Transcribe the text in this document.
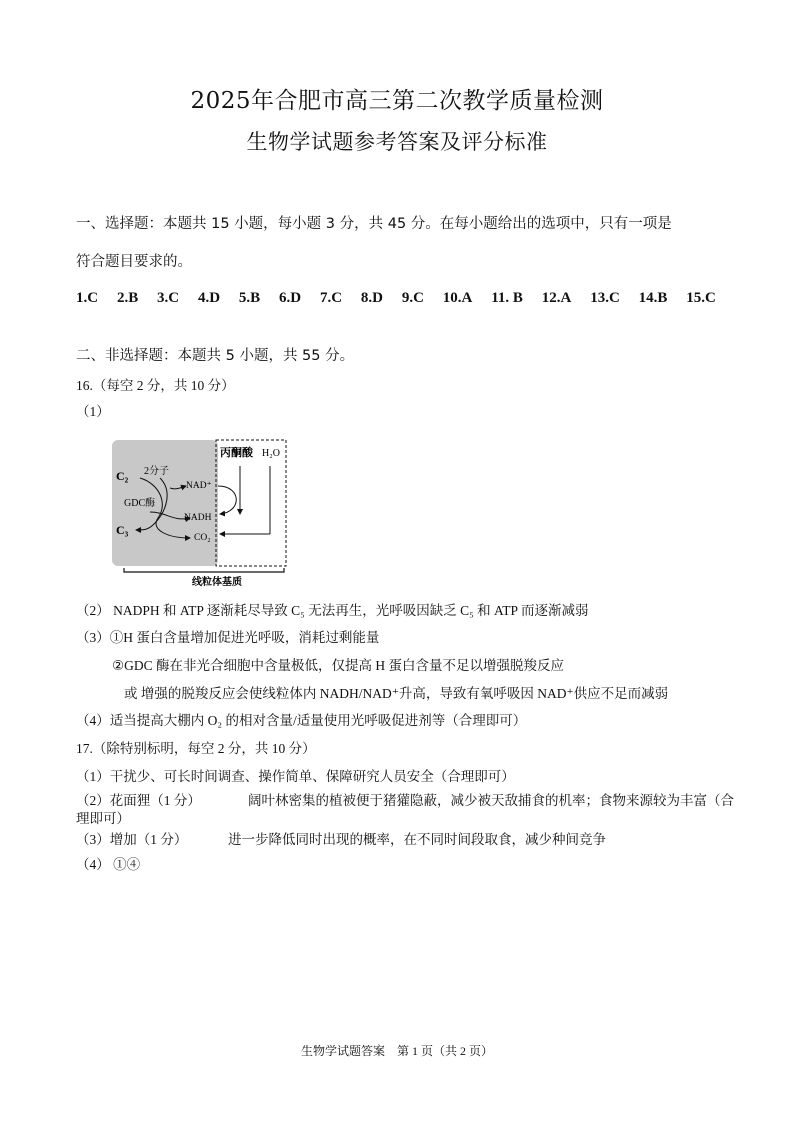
2025年合肥市高三第二次教学质量检测
生物学试题参考答案及评分标准
一、选择题：本题共 15 小题，每小题 3 分，共 45 分。在每小题给出的选项中，只有一项是
符合题目要求的。
1.C 2.B 3.C 4.D 5.B 6.D 7.C 8.D 9.C 10.A 11. B 12.A 13.C 14.B 15.C
二、非选择题：本题共 5 小题，共 55 分。
16.（每空 2 分，共 10 分）
（1）
C₂ 2分子
GDC酶
C₃
NAD⁺
NADH
CO₂
丙酮酸 H₂O
线粒体基质
（2） NADPH 和 ATP 逐渐耗尽导致 C₅ 无法再生，光呼吸因缺乏 C₅ 和 ATP 而逐渐减弱
（3）①H 蛋白含量增加促进光呼吸，消耗过剩能量
②GDC 酶在非光合细胞中含量极低，仅提高 H 蛋白含量不足以增强脱羧反应
或 增强的脱羧反应会使线粒体内 NADH/NAD⁺升高，导致有氧呼吸因 NAD⁺供应不足而减弱
（4）适当提高大棚内 O₂ 的相对含量/适量使用光呼吸促进剂等（合理即可）
17.（除特别标明，每空 2 分，共 10 分）
（1）干扰少、可长时间调查、操作简单、保障研究人员安全（合理即可）
（2）花面狸（1 分）	阔叶林密集的植被便于猪獾隐蔽，减少被天敌捕食的机率；食物来源较为丰富（合
理即可）
（3）增加（1 分）	进一步降低同时出现的概率，在不同时间段取食，减少种间竞争
（4） ①④
生物学试题答案　第 1 页（共 2 页）
